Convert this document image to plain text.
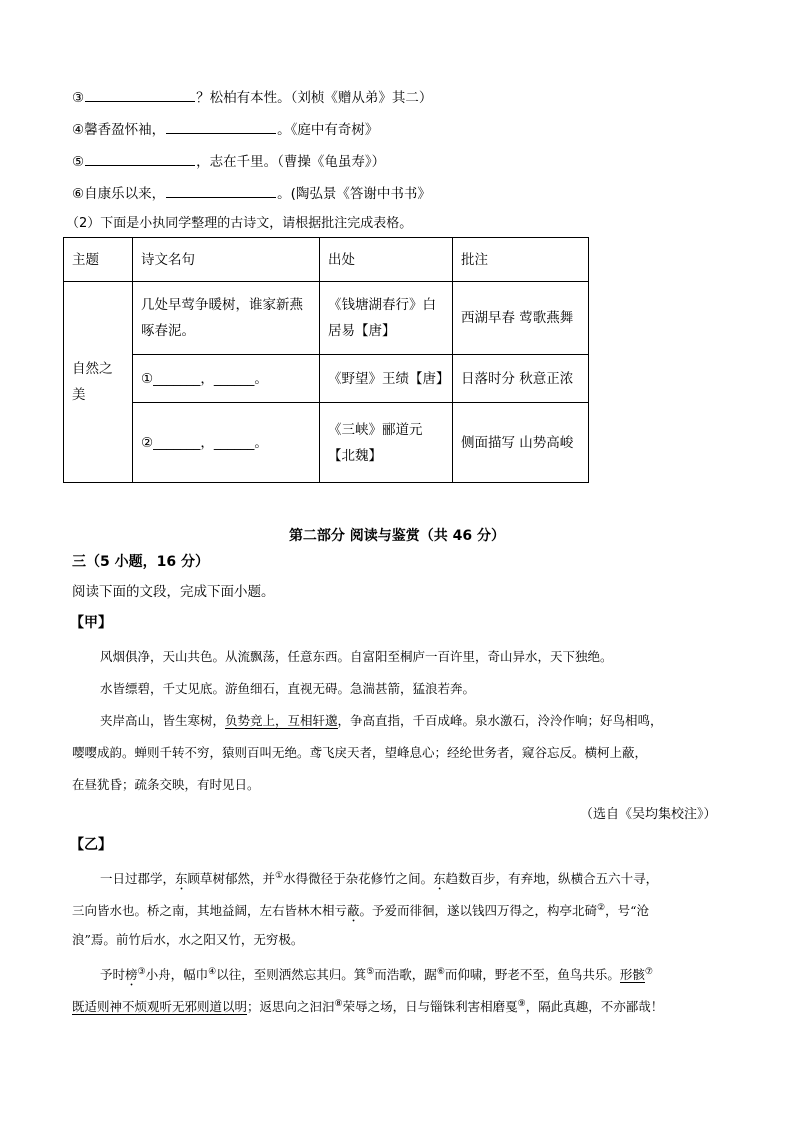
③	？松柏有本性。（刘桢《赠从弟》其二）
④馨香盈怀袖，	。《庭中有奇树》
⑤	，志在千里。（曹操《龟虽寿》）
⑥自康乐以来，	。(陶弘景《答谢中书书》
（2）下面是小执同学整理的古诗文，请根据批注完成表格。
主题	诗文名句	出处	批注
自然之美	几处早莺争暖树，谁家新燕啄春泥。	《钱塘湖春行》白居易【唐】	西湖早春 莺歌燕舞
	①_______，______。	《野望》王绩【唐】	日落时分 秋意正浓
	②_______，______。	《三峡》郦道元【北魏】	侧面描写 山势高峻
第二部分 阅读与鉴赏（共 46 分）
三（5 小题，16 分）
阅读下面的文段，完成下面小题。
【甲】
风烟俱净，天山共色。从流飘荡，任意东西。自富阳至桐庐一百许里，奇山异水，天下独绝。
水皆缥碧，千丈见底。游鱼细石，直视无碍。急湍甚箭，猛浪若奔。
夹岸高山，皆生寒树，负势竞上，互相轩邈，争高直指，千百成峰。泉水激石，泠泠作响；好鸟相鸣，
嘤嘤成韵。蝉则千转不穷，猿则百叫无绝。鸢飞戾天者，望峰息心；经纶世务者，窥谷忘反。横柯上蔽，
在昼犹昏；疏条交映，有时见日。
（选自《吴均集校注》）
【乙】
一日过郡学，东顾草树郁然，并①水得微径于杂花修竹之间。东趋数百步，有弃地，纵横合五六十寻，
三向皆水也。桥之南，其地益阔，左右皆林木相亏蔽。予爱而徘徊，遂以钱四万得之，构亭北碕②，号“沧
浪”焉。前竹后水，水之阳又竹，无穷极。
予时榜③小舟，幅巾④以往，至则洒然忘其归。箕⑤而浩歌，踞⑥而仰啸，野老不至，鱼鸟共乐。形骸⑦
既适则神不烦观听无邪则道以明；返思向之汩汩⑧荣辱之场，日与锱铢利害相磨戛⑨，隔此真趣，不亦鄙哉！
